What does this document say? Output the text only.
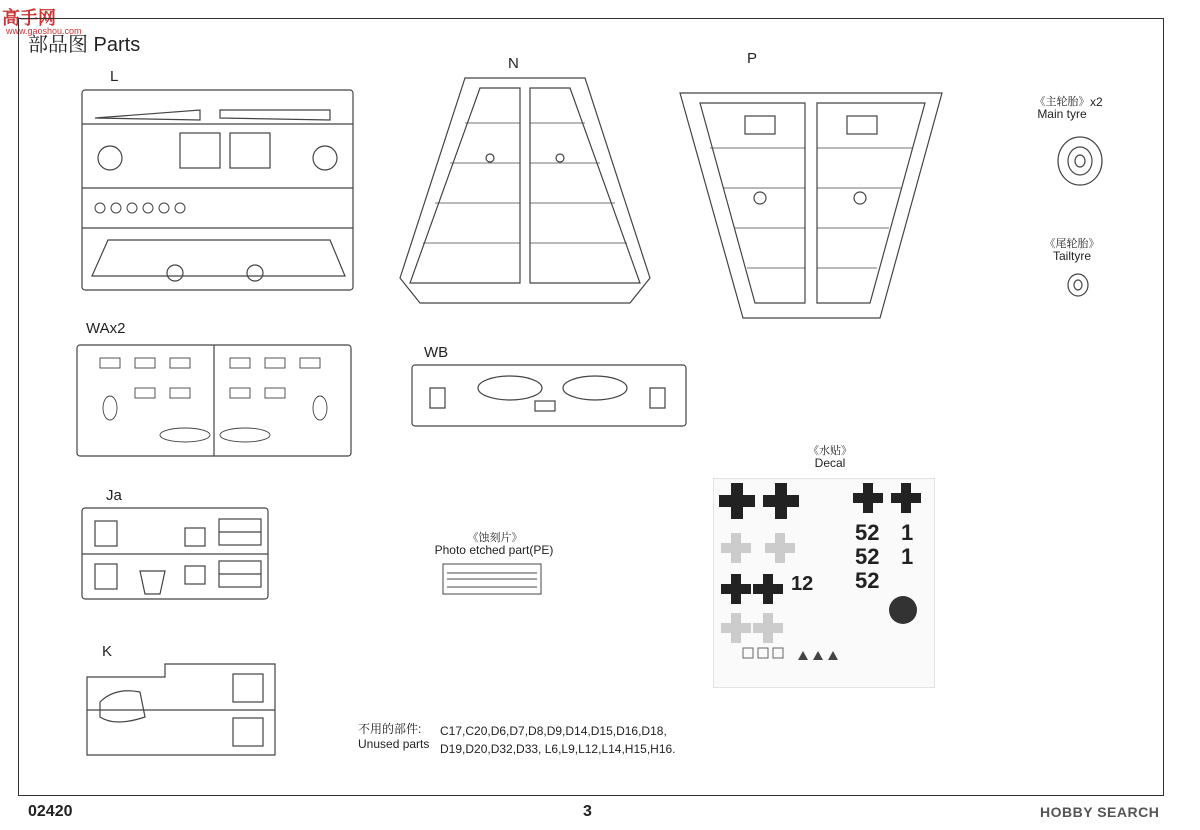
高手网
www.gaoshou.com
部品图 Parts
L
N	P
《主轮胎》 x2
Main tyre
《尾轮胎》
Tailtyre
WAx2
WB
Ja
K
《蚀刻片》
Photo etched part(PE)
《水贴》
Decal
52 1
52 1
52
12
不用的部件:
Unused parts
C17,C20,D6,D7,D8,D9,D14,D15,D16,D18,
D19,D20,D32,D33, L6,L9,L12,L14,H15,H16.
02420	3	HOBBY SEARCH
